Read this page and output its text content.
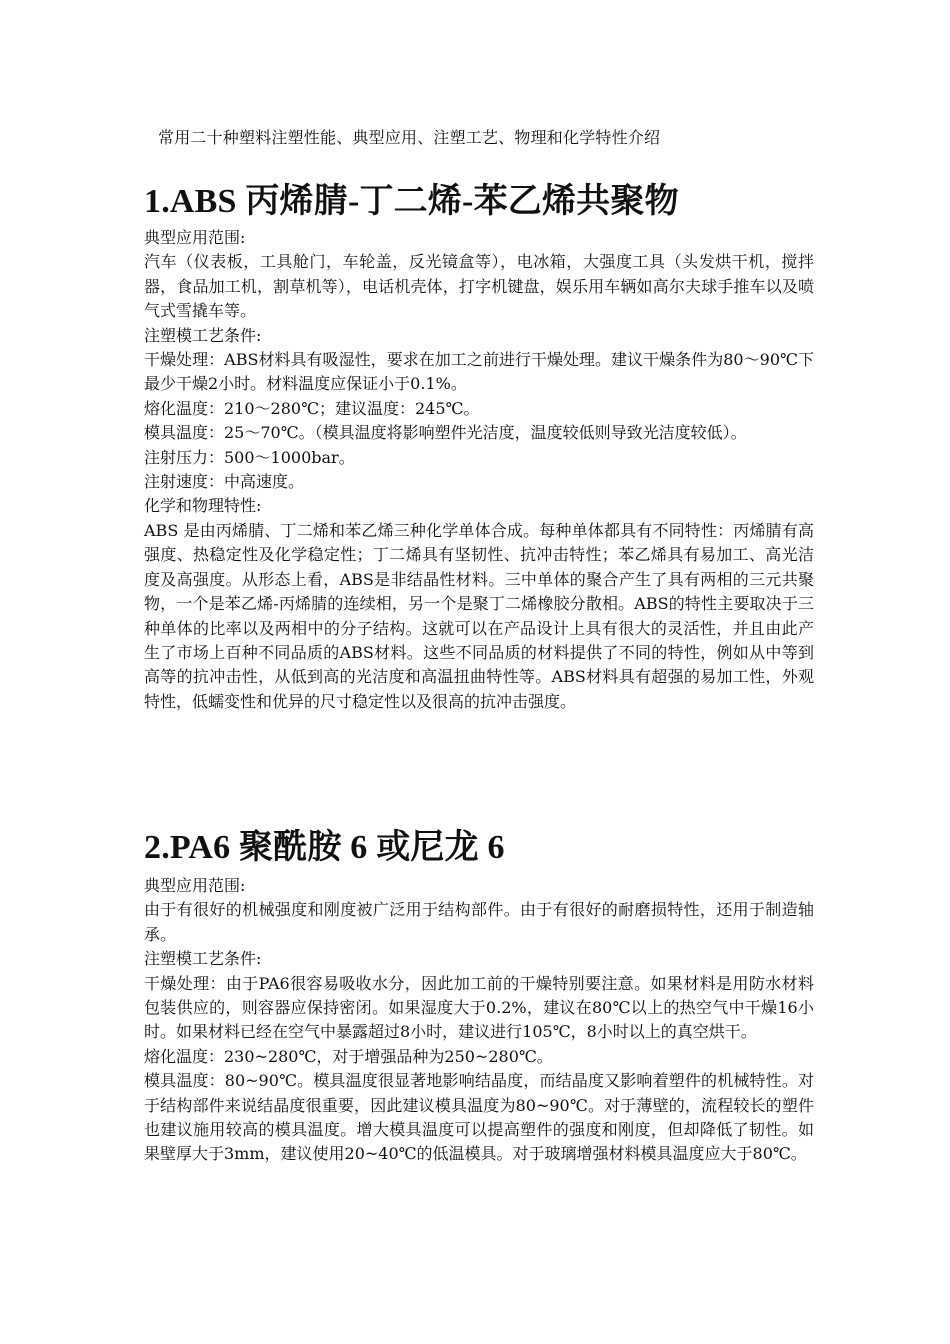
常用二十种塑料注塑性能、典型应用、注塑工艺、物理和化学特性介绍
1.ABS 丙烯腈-丁二烯-苯乙烯共聚物

典型应用范围:

汽车（仪表板，工具舱门，车轮盖，反光镜盒等），电冰箱，大强度工具（头发烘干机，搅拌器，食品加工机，割草机等），电话机壳体，打字机键盘，娱乐用车辆如高尔夫球手推车以及喷气式雪撬车等。

注塑模工艺条件:

干燥处理：ABS材料具有吸湿性，要求在加工之前进行干燥处理。建议干燥条件为80～90℃下最少干燥2小时。材料温度应保证小于0.1%。

熔化温度：210～280℃；建议温度：245℃。

模具温度：25～70℃。（模具温度将影响塑件光洁度，温度较低则导致光洁度较低）。

注射压力：500～1000bar。

注射速度：中高速度。

化学和物理特性:

ABS 是由丙烯腈、丁二烯和苯乙烯三种化学单体合成。每种单体都具有不同特性：丙烯腈有高强度、热稳定性及化学稳定性；丁二烯具有坚韧性、抗冲击特性；苯乙烯具有易加工、高光洁度及高强度。从形态上看，ABS是非结晶性材料。三中单体的聚合产生了具有两相的三元共聚物，一个是苯乙烯-丙烯腈的连续相，另一个是聚丁二烯橡胶分散相。ABS的特性主要取决于三种单体的比率以及两相中的分子结构。这就可以在产品设计上具有很大的灵活性，并且由此产生了市场上百种不同品质的ABS材料。这些不同品质的材料提供了不同的特性，例如从中等到高等的抗冲击性，从低到高的光洁度和高温扭曲特性等。ABS材料具有超强的易加工性，外观特性，低蠕变性和优异的尺寸稳定性以及很高的抗冲击强度。

2.PA6 聚酰胺 6 或尼龙 6

典型应用范围:

由于有很好的机械强度和刚度被广泛用于结构部件。由于有很好的耐磨损特性，还用于制造轴承。

注塑模工艺条件:

干燥处理：由于PA6很容易吸收水分，因此加工前的干燥特别要注意。如果材料是用防水材料包装供应的，则容器应保持密闭。如果湿度大于0.2%，建议在80℃以上的热空气中干燥16小时。如果材料已经在空气中暴露超过8小时，建议进行105℃，8小时以上的真空烘干。

熔化温度：230~280℃，对于增强品种为250~280℃。

模具温度：80~90℃。模具温度很显著地影响结晶度，而结晶度又影响着塑件的机械特性。对于结构部件来说结晶度很重要，因此建议模具温度为80~90℃。对于薄壁的，流程较长的塑件也建议施用较高的模具温度。增大模具温度可以提高塑件的强度和刚度，但却降低了韧性。如果壁厚大于3mm，建议使用20~40℃的低温模具。对于玻璃增强材料模具温度应大于80℃。
